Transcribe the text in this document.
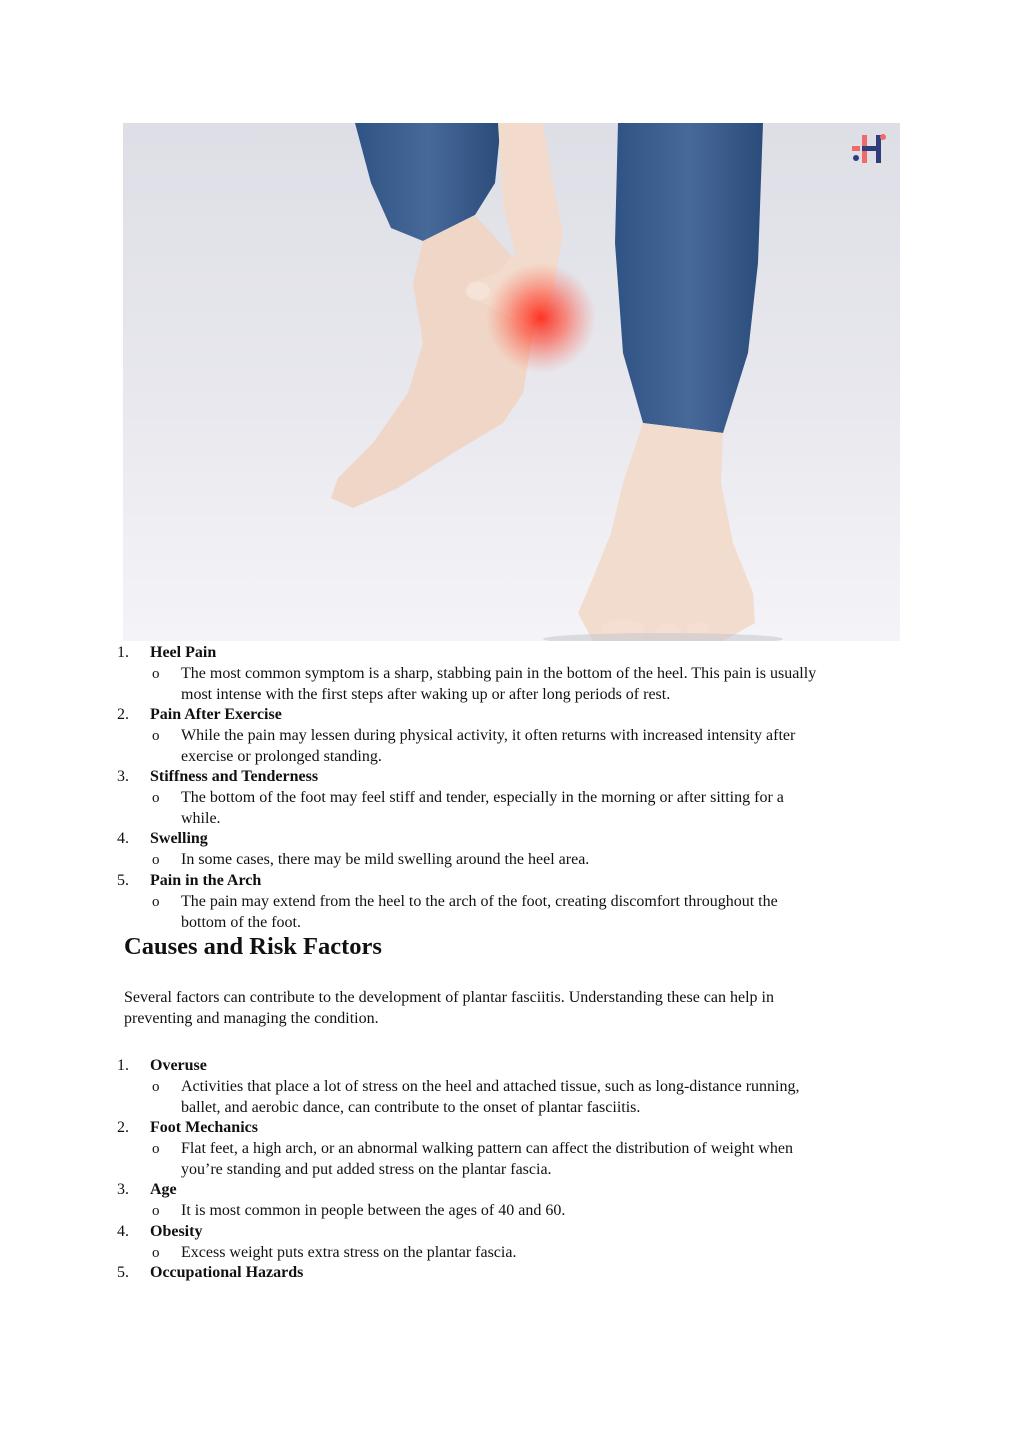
1. Heel Pain
o The most common symptom is a sharp, stabbing pain in the bottom of the heel. This pain is usually
most intense with the first steps after waking up or after long periods of rest.
2. Pain After Exercise
o While the pain may lessen during physical activity, it often returns with increased intensity after
exercise or prolonged standing.
3. Stiffness and Tenderness
o The bottom of the foot may feel stiff and tender, especially in the morning or after sitting for a
while.
4. Swelling
o In some cases, there may be mild swelling around the heel area.
5. Pain in the Arch
o The pain may extend from the heel to the arch of the foot, creating discomfort throughout the
bottom of the foot.
Causes and Risk Factors

Several factors can contribute to the development of plantar fasciitis. Understanding these can help in
preventing and managing the condition.

1. Overuse
o Activities that place a lot of stress on the heel and attached tissue, such as long-distance running,
ballet, and aerobic dance, can contribute to the onset of plantar fasciitis.
2. Foot Mechanics
o Flat feet, a high arch, or an abnormal walking pattern can affect the distribution of weight when
you’re standing and put added stress on the plantar fascia.
3. Age
o It is most common in people between the ages of 40 and 60.
4. Obesity
o Excess weight puts extra stress on the plantar fascia.
5. Occupational Hazards
